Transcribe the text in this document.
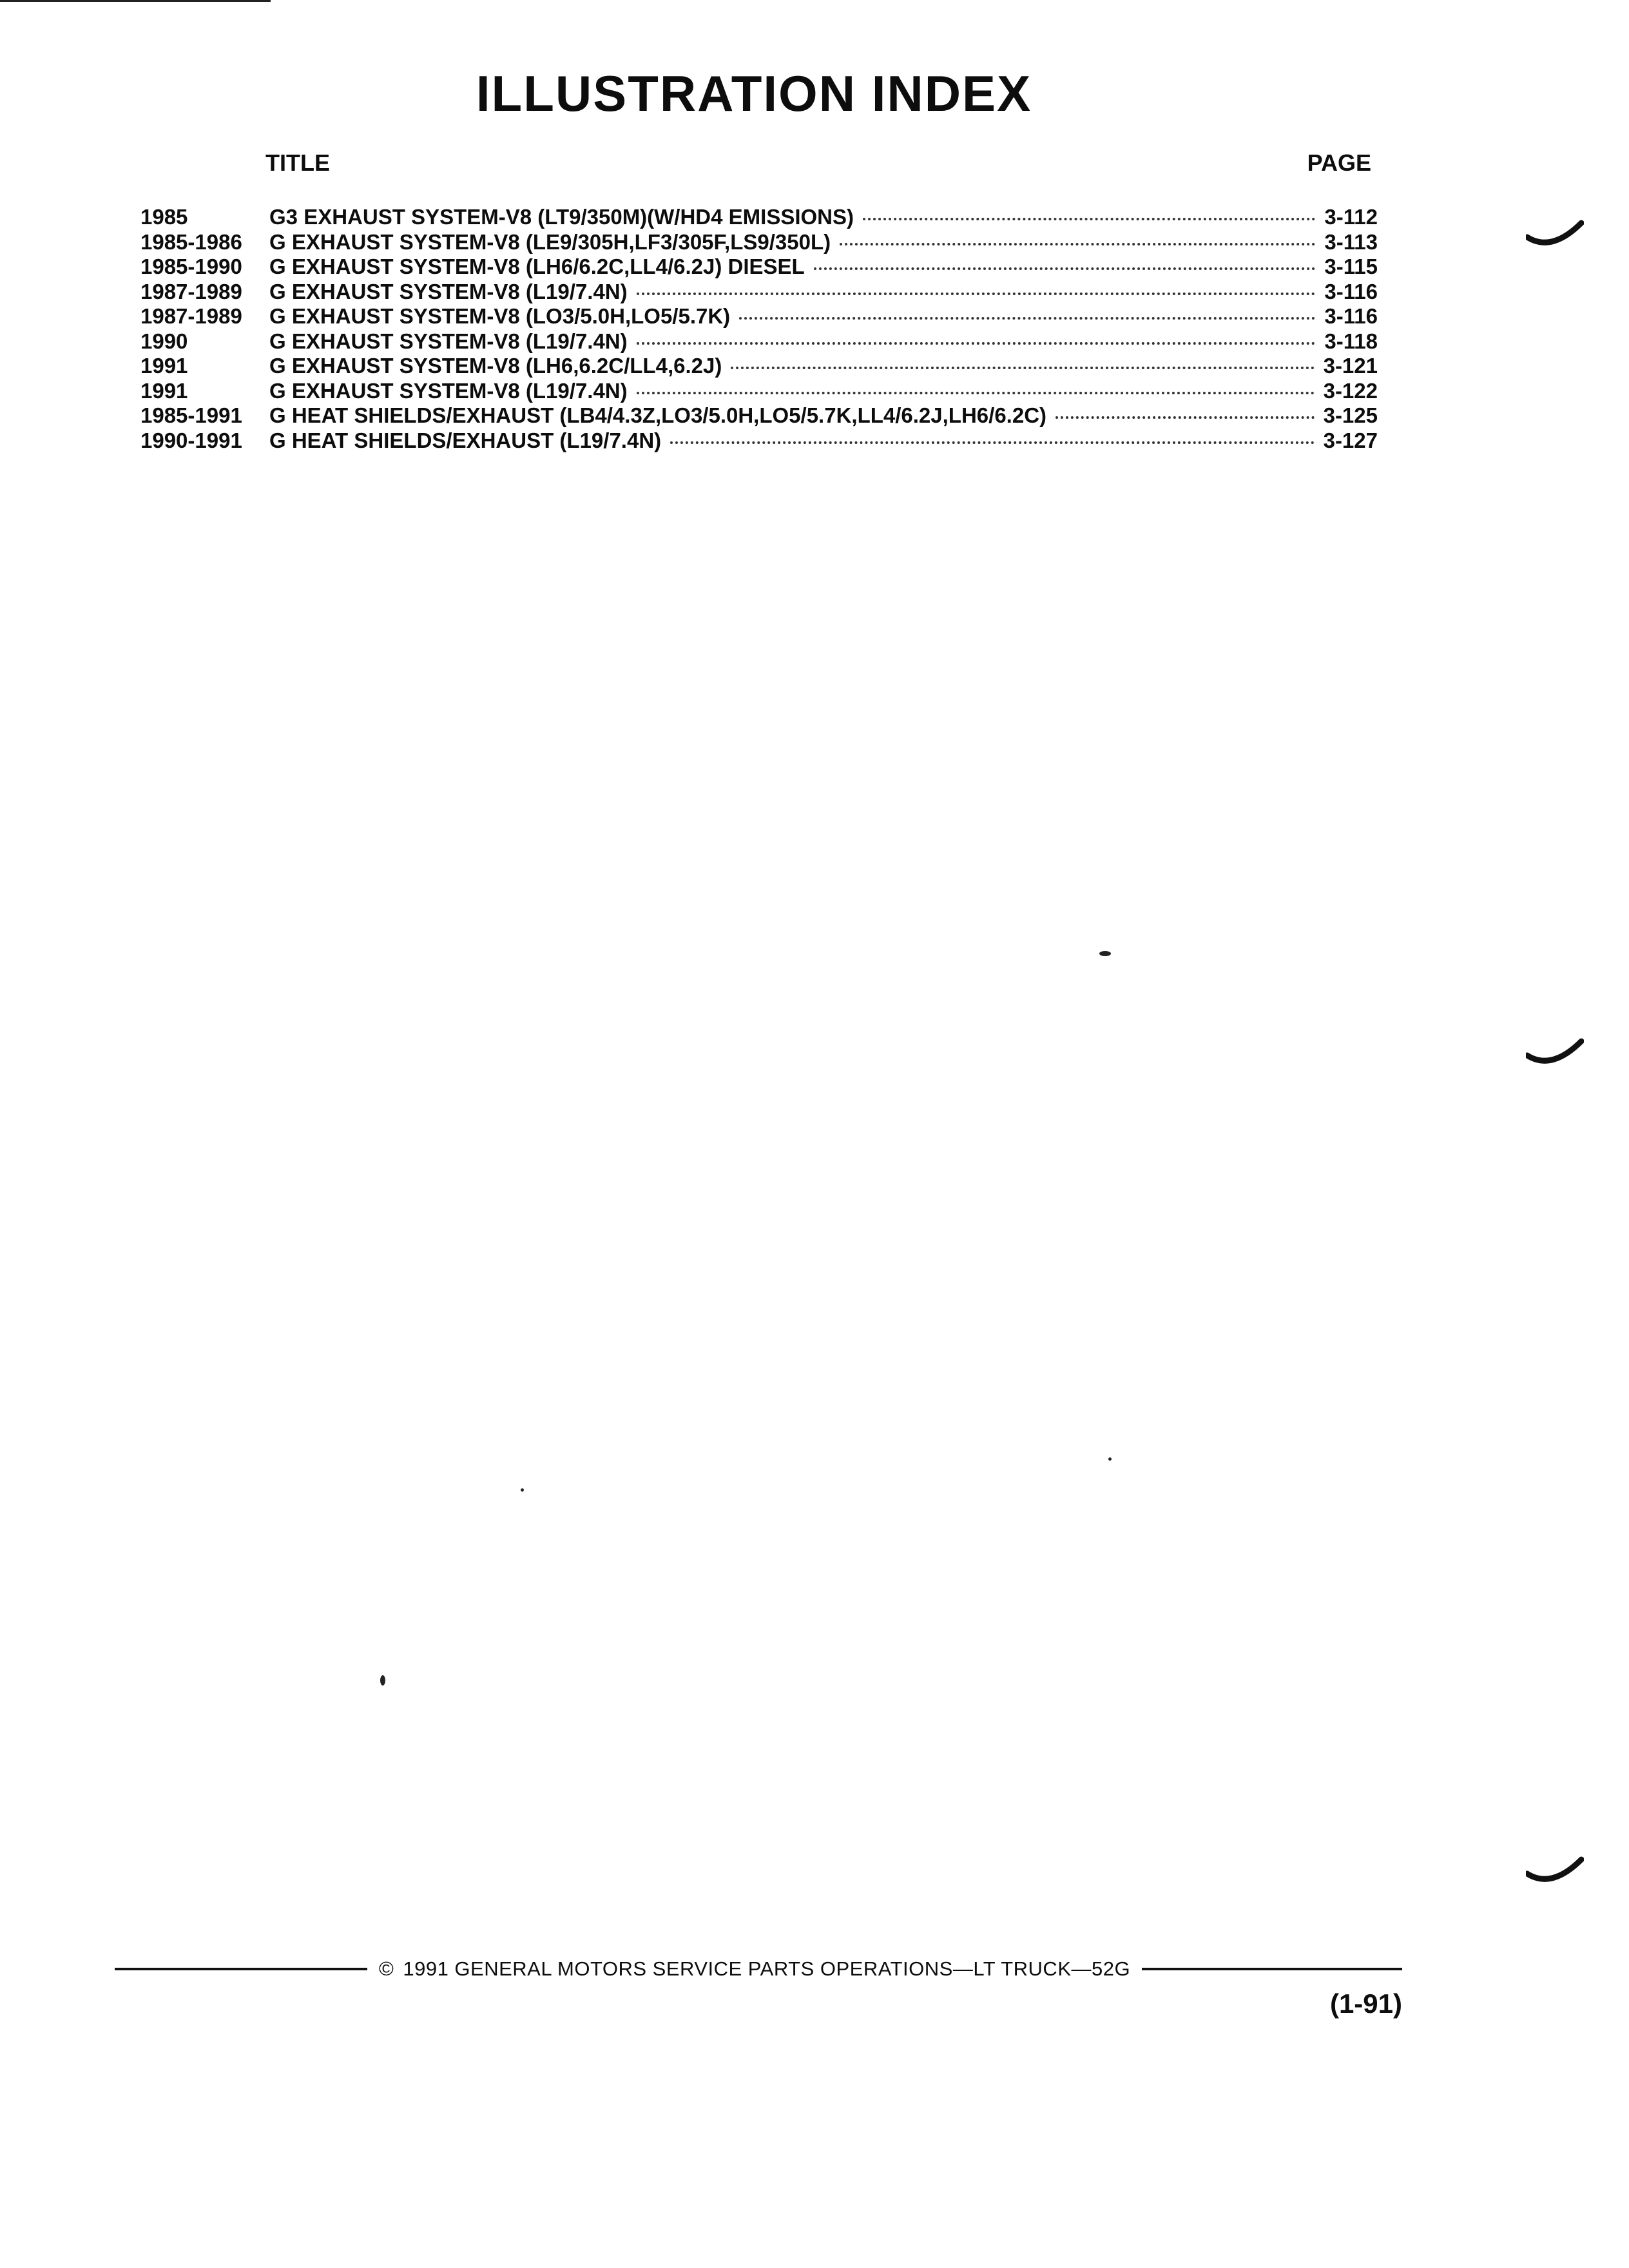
ILLUSTRATION INDEX
TITLE	PAGE
1985	G3 EXHAUST SYSTEM-V8 (LT9/350M)(W/HD4 EMISSIONS)	3-112
1985-1986	G EXHAUST SYSTEM-V8 (LE9/305H,LF3/305F,LS9/350L)	3-113
1985-1990	G EXHAUST SYSTEM-V8 (LH6/6.2C,LL4/6.2J) DIESEL	3-115
1987-1989	G EXHAUST SYSTEM-V8 (L19/7.4N)	3-116
1987-1989	G EXHAUST SYSTEM-V8 (LO3/5.0H,LO5/5.7K)	3-116
1990	G EXHAUST SYSTEM-V8 (L19/7.4N)	3-118
1991	G EXHAUST SYSTEM-V8 (LH6,6.2C/LL4,6.2J)	3-121
1991	G EXHAUST SYSTEM-V8 (L19/7.4N)	3-122
1985-1991	G HEAT SHIELDS/EXHAUST (LB4/4.3Z,LO3/5.0H,LO5/5.7K,LL4/6.2J,LH6/6.2C)	3-125
1990-1991	G HEAT SHIELDS/EXHAUST (L19/7.4N)	3-127
© 1991 GENERAL MOTORS SERVICE PARTS OPERATIONS—LT TRUCK—52G
(1-91)
